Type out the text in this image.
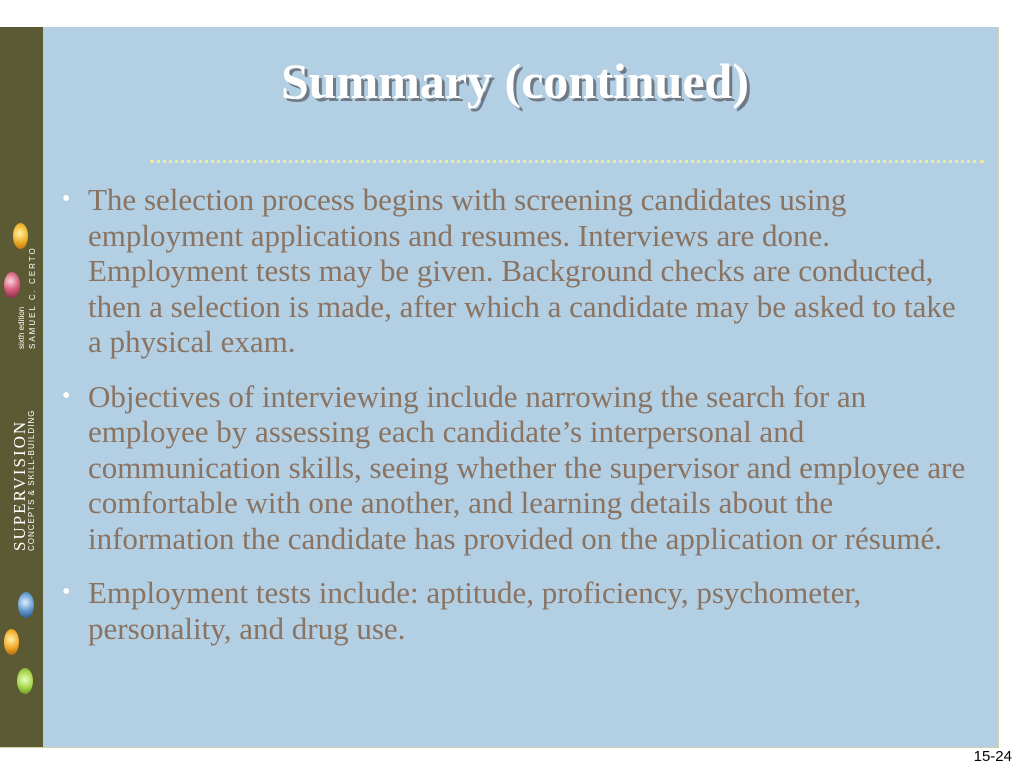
SUPERVISION
CONCEPTS & SKILL-BUILDING
sixth edition SAMUEL C. CERTO
Summary (continued)
• The selection process begins with screening candidates using employment applications and resumes. Interviews are done. Employment tests may be given. Background checks are conducted, then a selection is made, after which a candidate may be asked to take a physical exam.
• Objectives of interviewing include narrowing the search for an employee by assessing each candidate’s interpersonal and communication skills, seeing whether the supervisor and employee are comfortable with one another, and learning details about the information the candidate has provided on the application or résumé.
• Employment tests include: aptitude, proficiency, psychometer, personality, and drug use.
15-24
